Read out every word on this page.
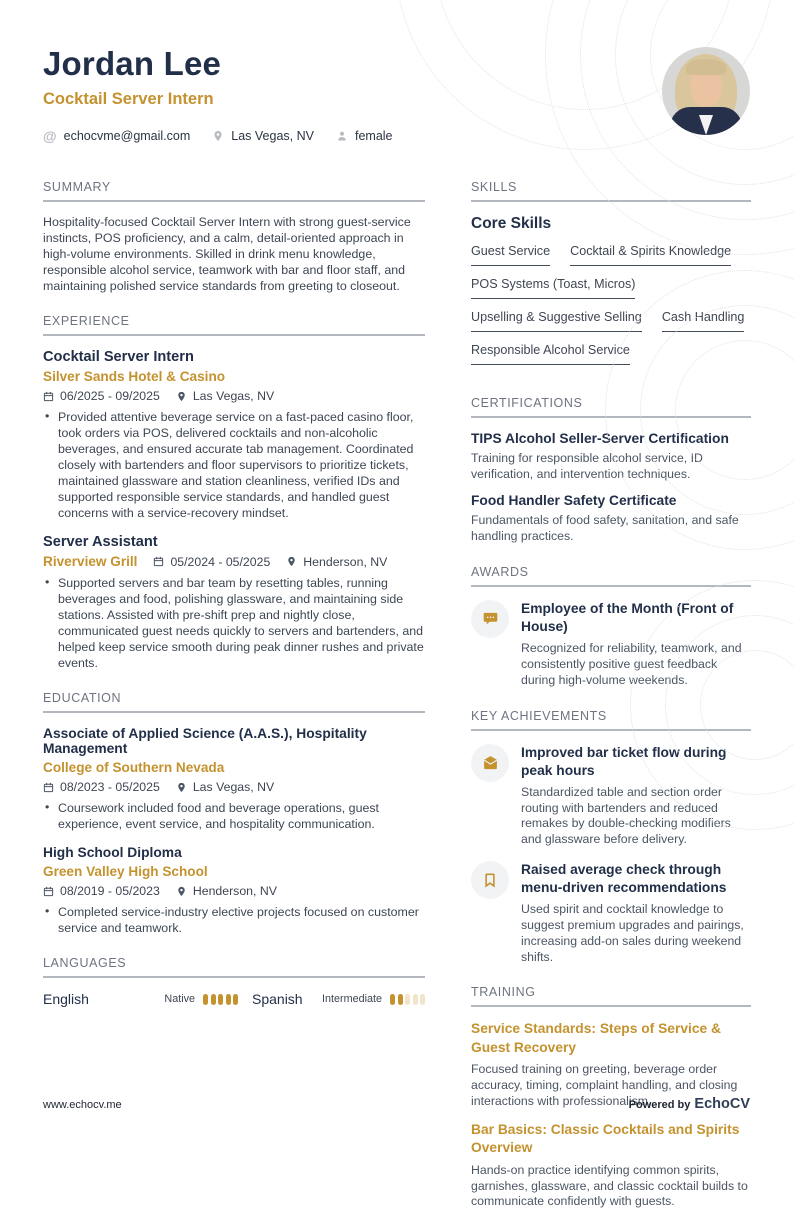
Jordan Lee
Cocktail Server Intern
@ echocvme@gmail.com	Las Vegas, NV	female
SUMMARY
Hospitality-focused Cocktail Server Intern with strong guest-service instincts, POS proficiency, and a calm, detail-oriented approach in high-volume environments. Skilled in drink menu knowledge, responsible alcohol service, teamwork with bar and floor staff, and maintaining polished service standards from greeting to closeout.
EXPERIENCE
Cocktail Server Intern
Silver Sands Hotel & Casino
06/2025 - 09/2025	Las Vegas, NV
• Provided attentive beverage service on a fast-paced casino floor, took orders via POS, delivered cocktails and non-alcoholic beverages, and ensured accurate tab management. Coordinated closely with bartenders and floor supervisors to prioritize tickets, maintained glassware and station cleanliness, verified IDs and supported responsible service standards, and handled guest concerns with a service-recovery mindset.
Server Assistant
Riverview Grill	05/2024 - 05/2025	Henderson, NV
• Supported servers and bar team by resetting tables, running beverages and food, polishing glassware, and maintaining side stations. Assisted with pre-shift prep and nightly close, communicated guest needs quickly to servers and bartenders, and helped keep service smooth during peak dinner rushes and private events.
EDUCATION
Associate of Applied Science (A.A.S.), Hospitality Management
College of Southern Nevada
08/2023 - 05/2025	Las Vegas, NV
• Coursework included food and beverage operations, guest experience, event service, and hospitality communication.
High School Diploma
Green Valley High School
08/2019 - 05/2023	Henderson, NV
• Completed service-industry elective projects focused on customer service and teamwork.
LANGUAGES
English	Native	Spanish Intermediate
SKILLS
Core Skills
Guest Service Cocktail & Spirits Knowledge
POS Systems (Toast, Micros)
Upselling & Suggestive Selling Cash Handling
Responsible Alcohol Service
CERTIFICATIONS
TIPS Alcohol Seller-Server Certification
Training for responsible alcohol service, ID verification, and intervention techniques.
Food Handler Safety Certificate
Fundamentals of food safety, sanitation, and safe handling practices.
AWARDS
Employee of the Month (Front of House)
Recognized for reliability, teamwork, and consistently positive guest feedback during high-volume weekends.
KEY ACHIEVEMENTS
Improved bar ticket flow during peak hours
Standardized table and section order routing with bartenders and reduced remakes by double-checking modifiers and glassware before delivery.
Raised average check through menu-driven recommendations
Used spirit and cocktail knowledge to suggest premium upgrades and pairings, increasing add-on sales during weekend shifts.
TRAINING
Service Standards: Steps of Service & Guest Recovery
Focused training on greeting, beverage order accuracy, timing, complaint handling, and closing interactions with professionalism.
Bar Basics: Classic Cocktails and Spirits Overview
Hands-on practice identifying common spirits, garnishes, glassware, and classic cocktail builds to communicate confidently with guests.
www.echocv.me	Powered by EchoCV
